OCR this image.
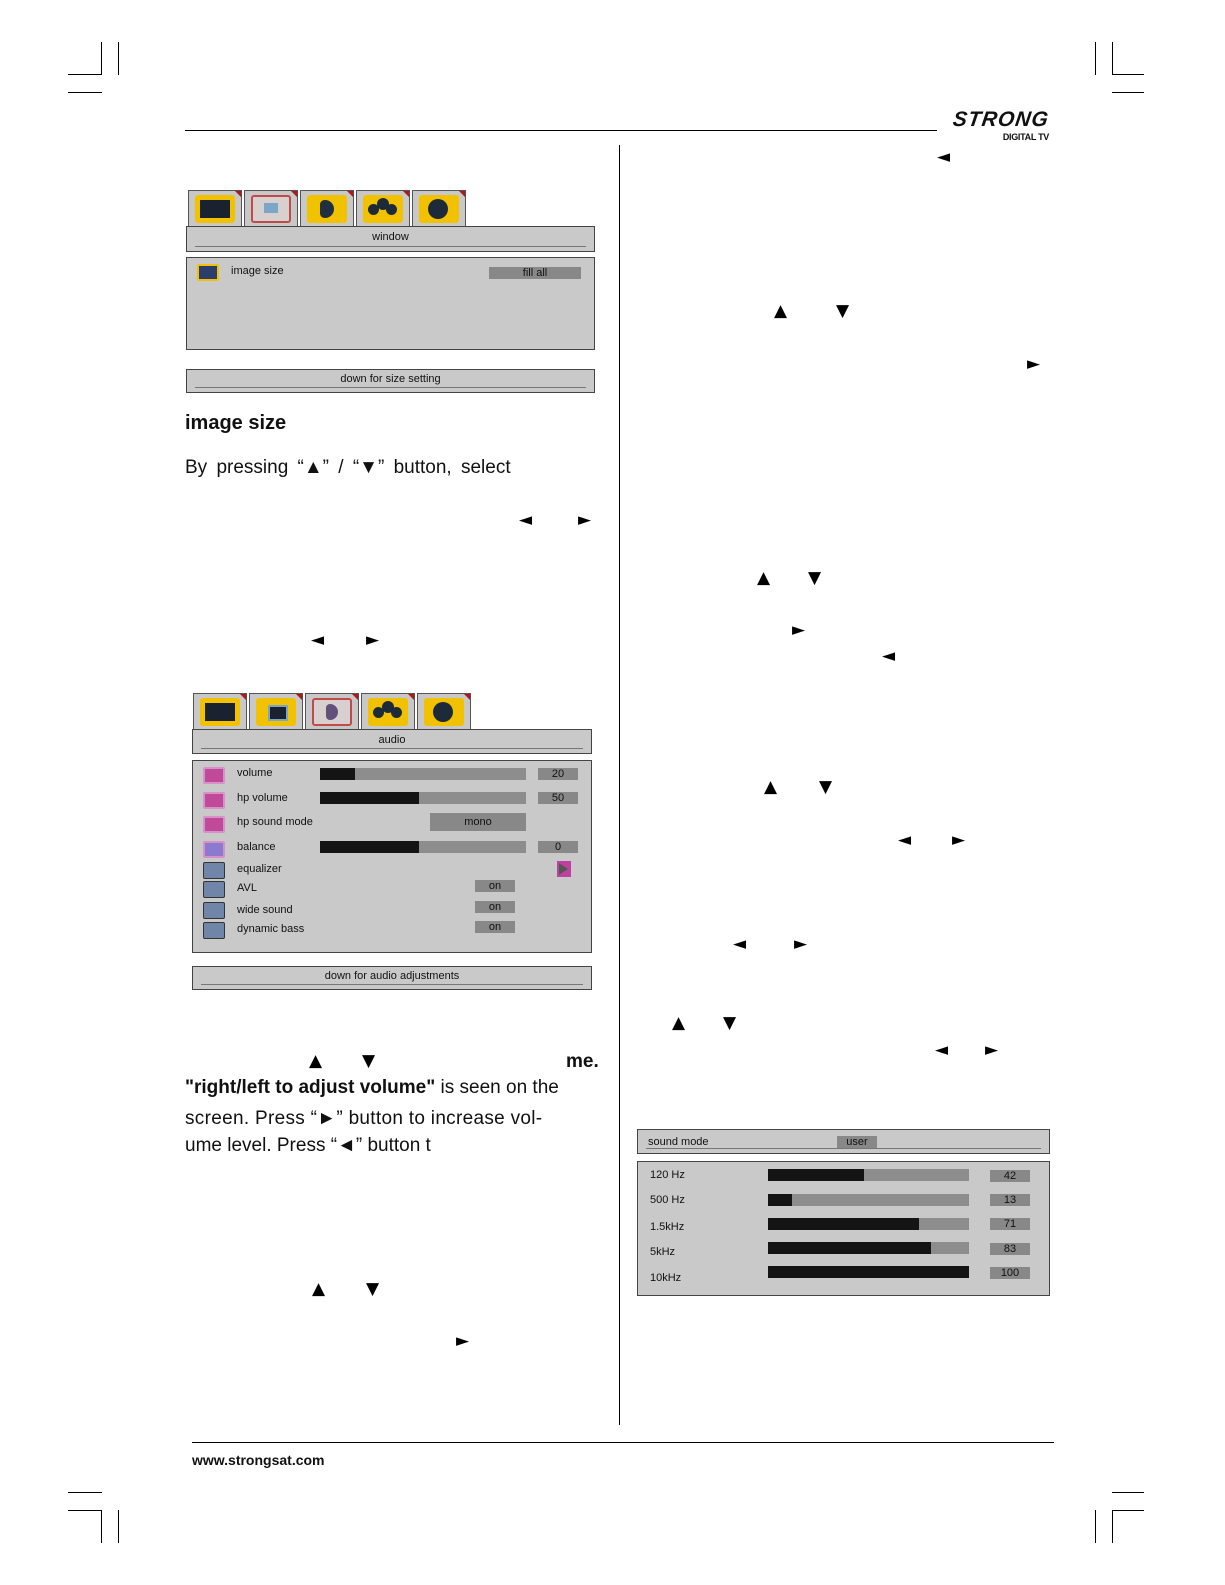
STRONG
DIGITAL TV
window
image size	fill all
down for size setting
image size
By pressing “▲” / “▼” button, select
◄	►
◄ ►
audio
volume	20
hp volume	50
hp sound mode	mono
balance	0
equalizer
AVL	on
wide sound	on
dynamic bass	on
down for audio adjustments
▲ ▼	me.
"right/left to adjust volume" is seen on the
screen. Press “►” button to increase vol-
ume level. Press “◄” button t
▲ ▼
►
◄
▲	▼
►
▲ ▼
►
◄
▲ ▼
◄ ►
◄	►
▲ ▼
◄ ►
sound mode	user
120 Hz	42
500 Hz	13
1.5kHz	71
5kHz	83
10kHz	100
www.strongsat.com
